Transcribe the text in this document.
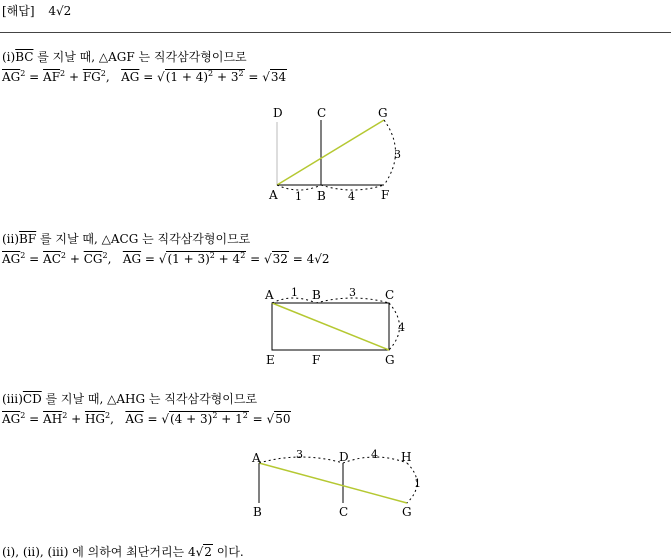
[해답] 4√2
$(ⅰ)\overline{BC}$ 를 지날 때, △AGF 는 직각삼각형이므로
$\overline{AG}^2 = \overline{AF}^2 + \overline{FG}^2$,   $\overline{AG} = √(1 + 4)^2 + 3^2 = √34$
D	C	G
A	B	F
1	4
3
$(ⅱ)\overline{BF}$ 를 지날 때, △ACG 는 직각삼각형이므로
$\overline{AG}^2 = \overline{AC}^2 + \overline{CG}^2$,   $\overline{AG} = √(1 + 3)^2 + 4^2 = √32 = 4√2$
A 1 B	3 C
4
E	F	G
$(ⅲ)\overline{CD}$ 를 지날 때, △AHG 는 직각삼각형이므로
$\overline{AG}^2 = \overline{AH}^2 + \overline{HG}^2$,   $\overline{AG} = √(4 + 3)^2 + 1^2 = √50$
A	3	D 4 H
1
B	C	G
(ⅰ), (ⅱ), (ⅲ) 에 의하여 최단거리는 4√2 이다.
